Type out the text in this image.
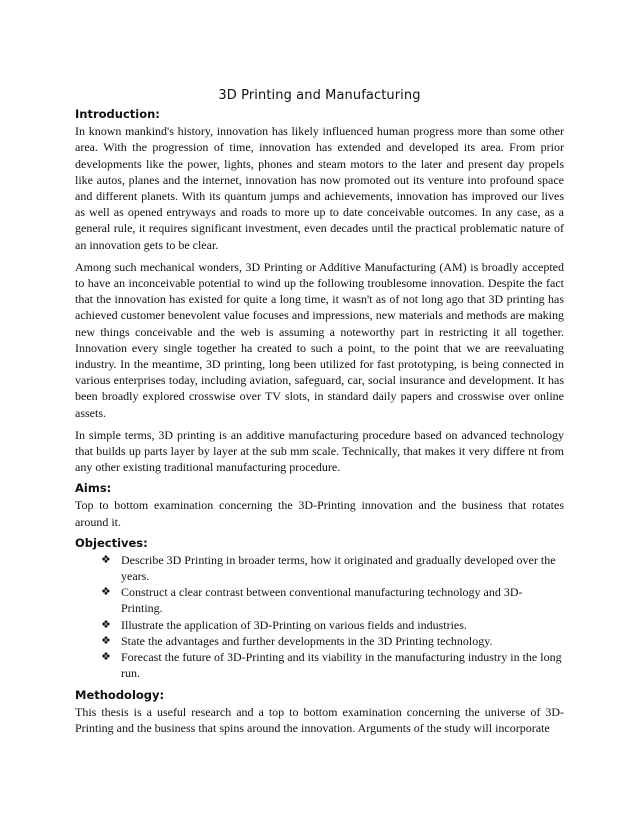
3D Printing and Manufacturing
Introduction:

In known mankind's history, innovation has likely influenced human progress more than some other area. With the progression of time, innovation has extended and developed its area. From prior developments like the power, lights, phones and steam motors to the later and present day propels like autos, planes and the internet, innovation has now promoted out its venture into profound space and different planets. With its quantum jumps and achievements, innovation has improved our lives as well as opened entryways and roads to more up to date conceivable outcomes. In any case, as a general rule, it requires significant investment, even decades until the practical problematic nature of an innovation gets to be clear.

Among such mechanical wonders, 3D Printing or Additive Manufacturing (AM) is broadly accepted to have an inconceivable potential to wind up the following troublesome innovation. Despite the fact that the innovation has existed for quite a long time, it wasn't as of not long ago that 3D printing has achieved customer benevolent value focuses and impressions, new materials and methods are making new things conceivable and the web is assuming a noteworthy part in restricting it all together. Innovation every single together ha created to such a point, to the point that we are reevaluating industry. In the meantime, 3D printing, long been utilized for fast prototyping, is being connected in various enterprises today, including aviation, safeguard, car, social insurance and development. It has been broadly explored crosswise over TV slots, in standard daily papers and crosswise over online assets.

In simple terms, 3D printing is an additive manufacturing procedure based on advanced technology that builds up parts layer by layer at the sub mm scale. Technically, that makes it very differe nt from any other existing traditional manufacturing procedure.

Aims:

Top to bottom examination concerning the 3D-Printing innovation and the business that rotates around it.

Objectives:
❖ Describe 3D Printing in broader terms, how it originated and gradually developed over the years.
❖ Construct a clear contrast between conventional manufacturing technology and 3D-Printing.
❖ Illustrate the application of 3D-Printing on various fields and industries.
❖ State the advantages and further developments in the 3D Printing technology.
❖ Forecast the future of 3D-Printing and its viability in the manufacturing industry in the long run.
Methodology:

This thesis is a useful research and a top to bottom examination concerning the universe of 3D-Printing and the business that spins around the innovation. Arguments of the study will incorporate
